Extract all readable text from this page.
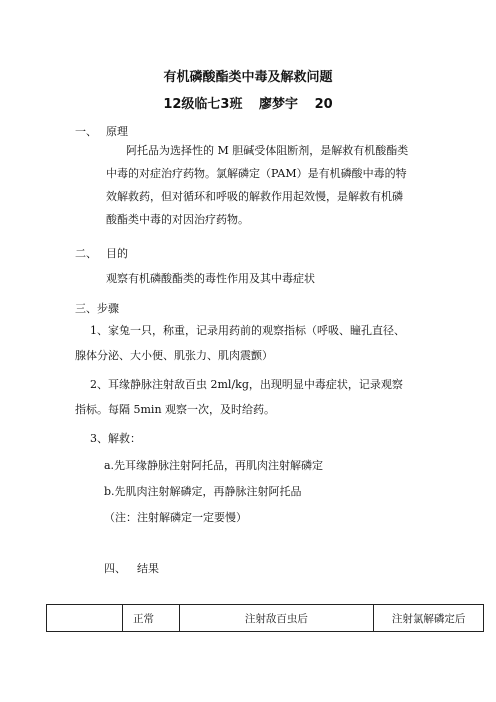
有机磷酸酯类中毒及解救问题
12级临七3班 廖梦宇 20
一、 原理
阿托品为选择性的 M 胆碱受体阻断剂，是解救有机酸酯类
中毒的对症治疗药物。氯解磷定（PAM）是有机磷酸中毒的特
效解救药，但对循环和呼吸的解救作用起效慢，是解救有机磷
酸酯类中毒的对因治疗药物。
二、 目的
观察有机磷酸酯类的毒性作用及其中毒症状
三、步骤
1、家兔一只，称重，记录用药前的观察指标（呼吸、瞳孔直径、
腺体分泌、大小便、肌张力、肌肉震颤）
2、耳缘静脉注射敌百虫 2ml/kg，出现明显中毒症状，记录观察
指标。每隔 5min 观察一次，及时给药。
3、解救：
a.先耳缘静脉注射阿托品，再肌肉注射解磷定
b.先肌肉注射解磷定，再静脉注射阿托品
（注：注射解磷定一定要慢）
四、 结果
	正常	注射敌百虫后	注射氯解磷定后
